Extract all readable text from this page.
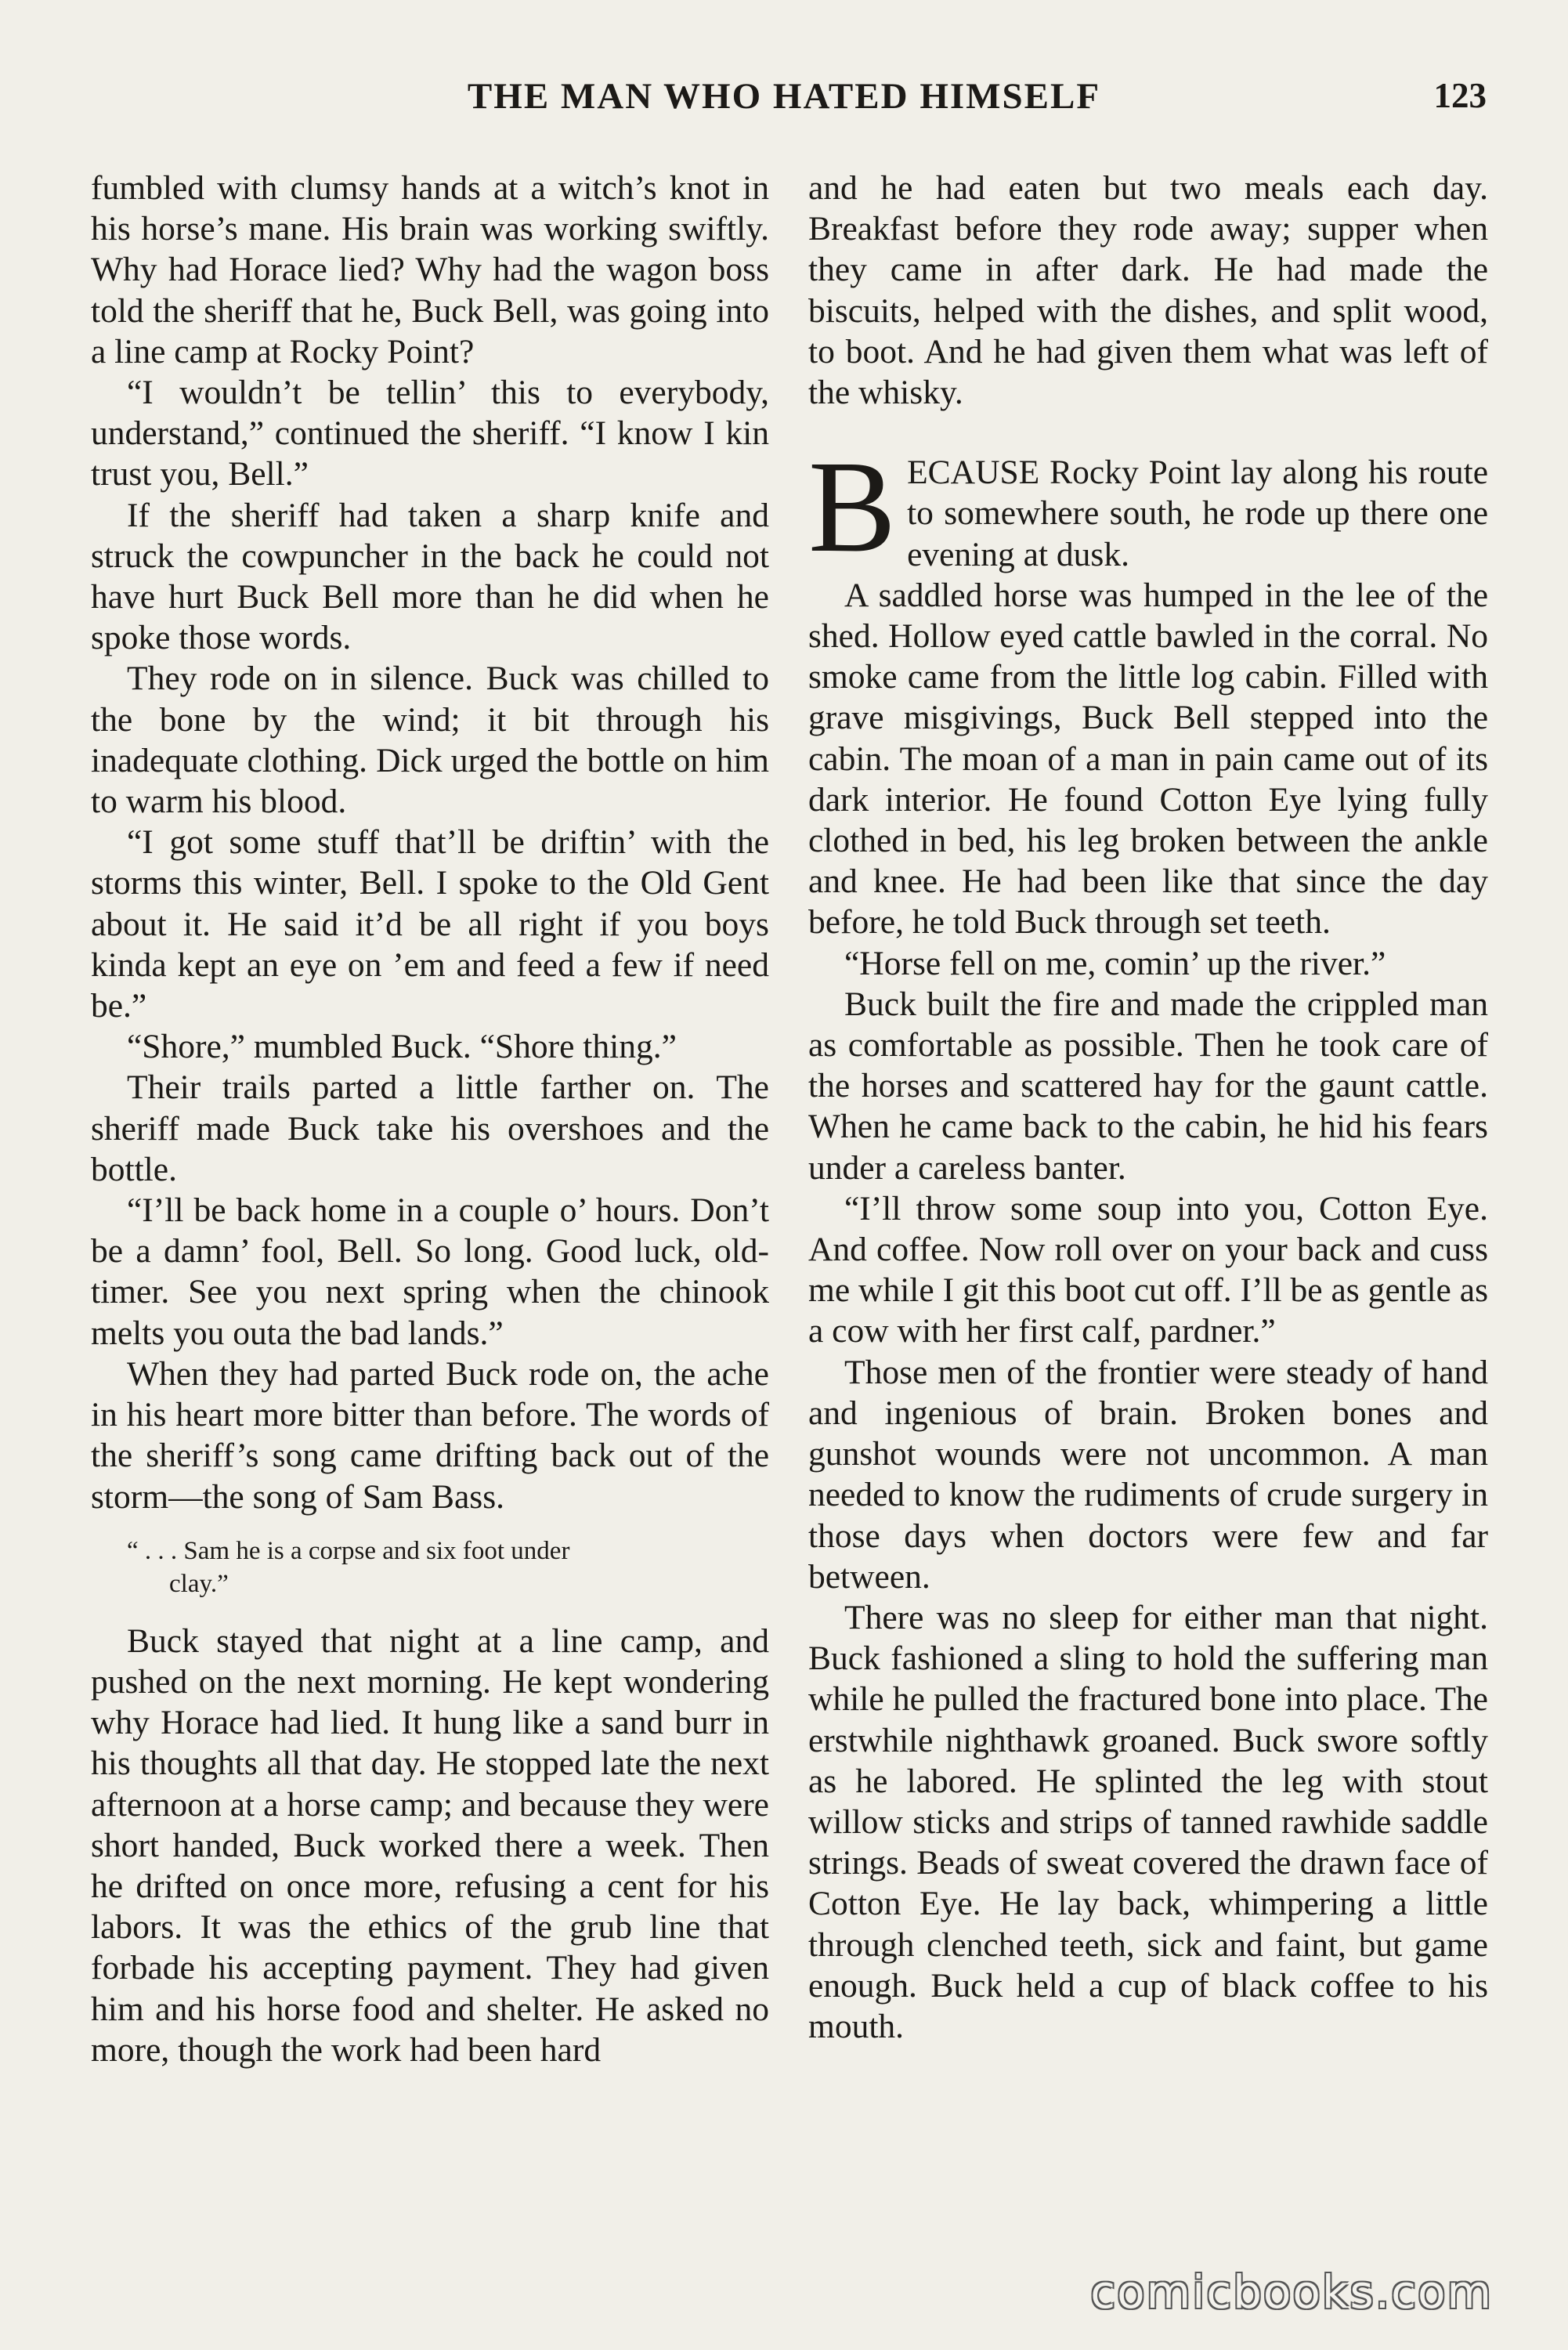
THE MAN WHO HATED HIMSELF	123

fumbled with clumsy hands at a witch’s knot in his horse’s mane. His brain was working swiftly. Why had Horace lied? Why had the wagon boss told the sheriff that he, Buck Bell, was going into a line camp at Rocky Point?

“I wouldn’t be tellin’ this to everybody, understand,” continued the sheriff. “I know I kin trust you, Bell.”

If the sheriff had taken a sharp knife and struck the cowpuncher in the back he could not have hurt Buck Bell more than he did when he spoke those words.

They rode on in silence. Buck was chilled to the bone by the wind; it bit through his inadequate clothing. Dick urged the bottle on him to warm his blood.

“I got some stuff that’ll be driftin’ with the storms this winter, Bell. I spoke to the Old Gent about it. He said it’d be all right if you boys kinda kept an eye on ’em and feed a few if need be.”

“Shore,” mumbled Buck. “Shore thing.”

Their trails parted a little farther on. The sheriff made Buck take his overshoes and the bottle.

“I’ll be back home in a couple o’ hours. Don’t be a damn’ fool, Bell. So long. Good luck, old-timer. See you next spring when the chinook melts you outa the bad lands.”

When they had parted Buck rode on, the ache in his heart more bitter than before. The words of the sheriff’s song came drifting back out of the storm—the song of Sam Bass.

“ . . . Sam he is a corpse and six foot under
clay.”

Buck stayed that night at a line camp, and pushed on the next morning. He kept wondering why Horace had lied. It hung like a sand burr in his thoughts all that day. He stopped late the next afternoon at a horse camp; and because they were short handed, Buck worked there a week. Then he drifted on once more, refusing a cent for his labors. It was the ethics of the grub line that forbade his accepting payment. They had given him and his horse food and shelter. He asked no more, though the work had been hard

and he had eaten but two meals each day. Breakfast before they rode away; supper when they came in after dark. He had made the biscuits, helped with the dishes, and split wood, to boot. And he had given them what was left of the whisky.

BECAUSE Rocky Point lay along his route to somewhere south, he rode up there one evening at dusk.

A saddled horse was humped in the lee of the shed. Hollow eyed cattle bawled in the corral. No smoke came from the little log cabin. Filled with grave misgivings, Buck Bell stepped into the cabin. The moan of a man in pain came out of its dark interior. He found Cotton Eye lying fully clothed in bed, his leg broken between the ankle and knee. He had been like that since the day before, he told Buck through set teeth.

“Horse fell on me, comin’ up the river.”

Buck built the fire and made the crippled man as comfortable as possible. Then he took care of the horses and scattered hay for the gaunt cattle. When he came back to the cabin, he hid his fears under a careless banter.

“I’ll throw some soup into you, Cotton Eye. And coffee. Now roll over on your back and cuss me while I git this boot cut off. I’ll be as gentle as a cow with her first calf, pardner.”

Those men of the frontier were steady of hand and ingenious of brain. Broken bones and gunshot wounds were not uncommon. A man needed to know the rudiments of crude surgery in those days when doctors were few and far between.

There was no sleep for either man that night. Buck fashioned a sling to hold the suffering man while he pulled the fractured bone into place. The erstwhile nighthawk groaned. Buck swore softly as he labored. He splinted the leg with stout willow sticks and strips of tanned rawhide saddle strings. Beads of sweat covered the drawn face of Cotton Eye. He lay back, whimpering a little through clenched teeth, sick and faint, but game enough. Buck held a cup of black coffee to his mouth.

comicbooks.com
